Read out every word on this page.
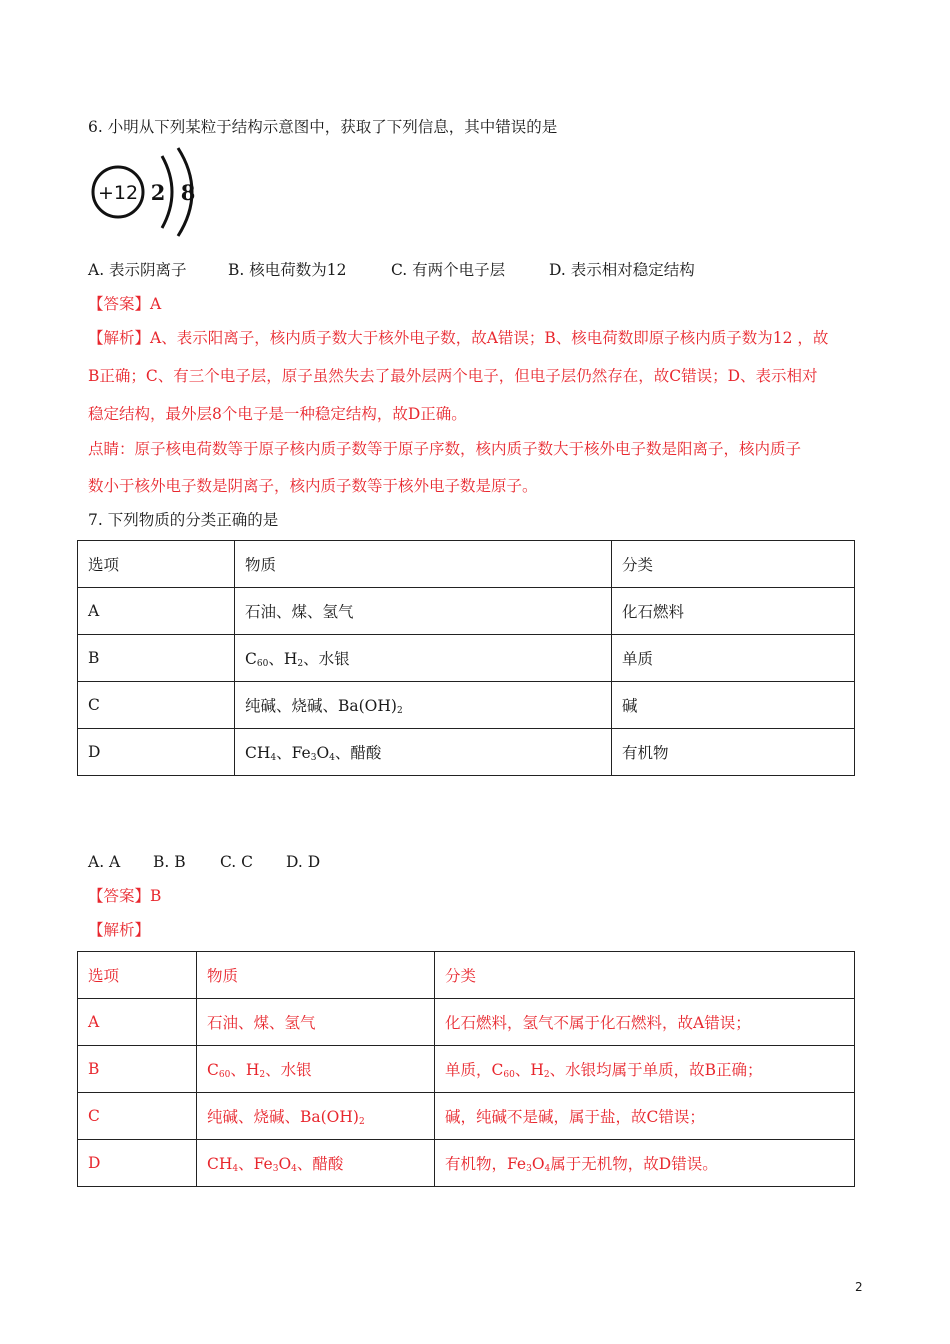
6. 小明从下列某粒于结构示意图中，获取了下列信息，其中错误的是
+12 2 8
A. 表示阴离子	B. 核电荷数为12	C. 有两个电子层	D. 表示相对稳定结构
【答案】A
【解析】A、表示阳离子，核内质子数大于核外电子数，故A错误；B、核电荷数即原子核内质子数为12 ，故
B正确；C、有三个电子层，原子虽然失去了最外层两个电子，但电子层仍然存在，故C错误；D、表示相对
稳定结构，最外层8个电子是一种稳定结构，故D正确。
点睛：原子核电荷数等于原子核内质子数等于原子序数，核内质子数大于核外电子数是阳离子，核内质子
数小于核外电子数是阴离子，核内质子数等于核外电子数是原子。
7. 下列物质的分类正确的是
选项	物质	分类
A	石油、煤、氢气	化石燃料
B	$C_{60}$、$H_2$、水银	单质
C	纯碱、烧碱、$Ba(OH)_2$	碱
D	$CH_4$、$Fe_3O_4$、醋酸	有机物
A. A B. B C. C D. D
【答案】B
【解析】
选项	物质	分类
A	石油、煤、氢气	化石燃料，氢气不属于化石燃料，故A错误；
B	$C_{60}$、$H_2$、水银	单质，$C_{60}$、$H_2$、水银均属于单质，故B正确；
C	纯碱、烧碱、$Ba(OH)_2$	碱，纯碱不是碱，属于盐，故C错误；
D	$CH_4$、$Fe_3O_4$、醋酸	有机物，$Fe_3O_4$属于无机物，故D错误。
2
